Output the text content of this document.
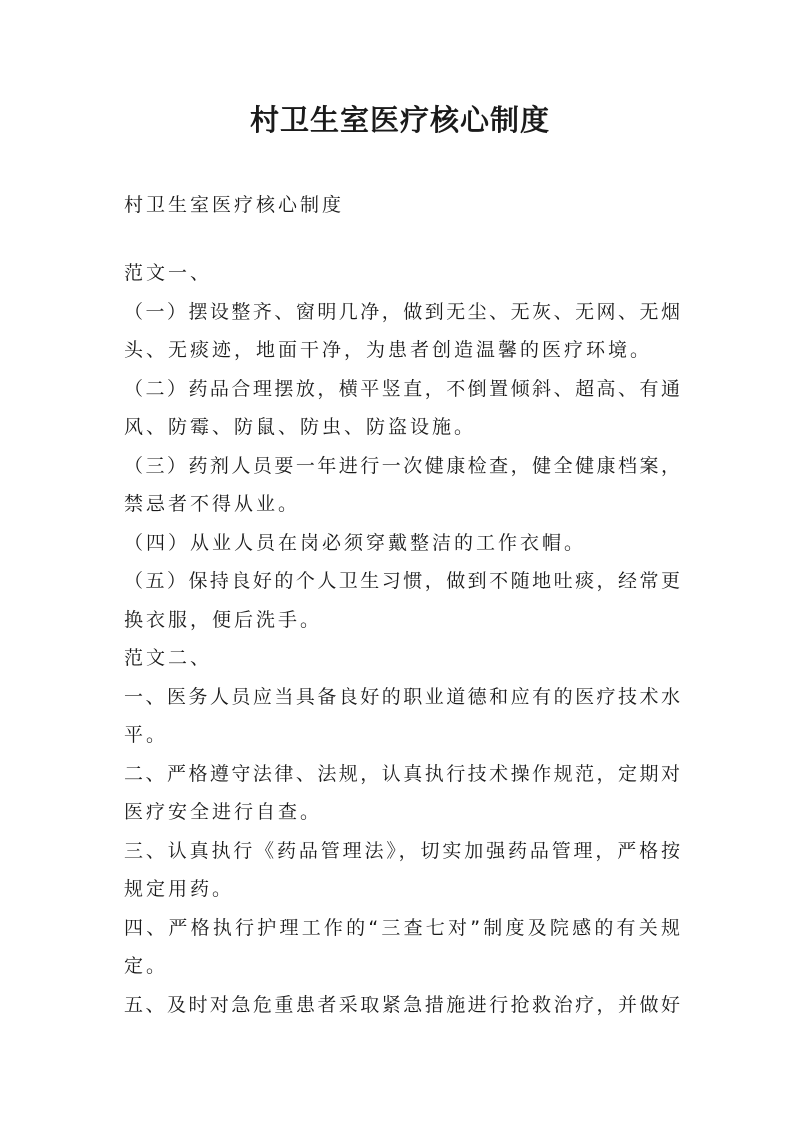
村卫生室医疗核心制度

村卫生室医疗核心制度

范文一、
（一）摆设整齐、窗明几净，做到无尘、无灰、无网、无烟
头、无痰迹，地面干净，为患者创造温馨的医疗环境。
（二）药品合理摆放，横平竖直，不倒置倾斜、超高、有通
风、防霉、防鼠、防虫、防盗设施。
（三）药剂人员要一年进行一次健康检查，健全健康档案，
禁忌者不得从业。
（四）从业人员在岗必须穿戴整洁的工作衣帽。
（五）保持良好的个人卫生习惯，做到不随地吐痰，经常更
换衣服，便后洗手。
范文二、
一、医务人员应当具备良好的职业道德和应有的医疗技术水
平。
二、严格遵守法律、法规，认真执行技术操作规范，定期对
医疗安全进行自查。
三、认真执行《药品管理法》，切实加强药品管理，严格按
规定用药。
四、严格执行护理工作的“三查七对”制度及院感的有关规
定。
五、及时对急危重患者采取紧急措施进行抢救治疗，并做好
